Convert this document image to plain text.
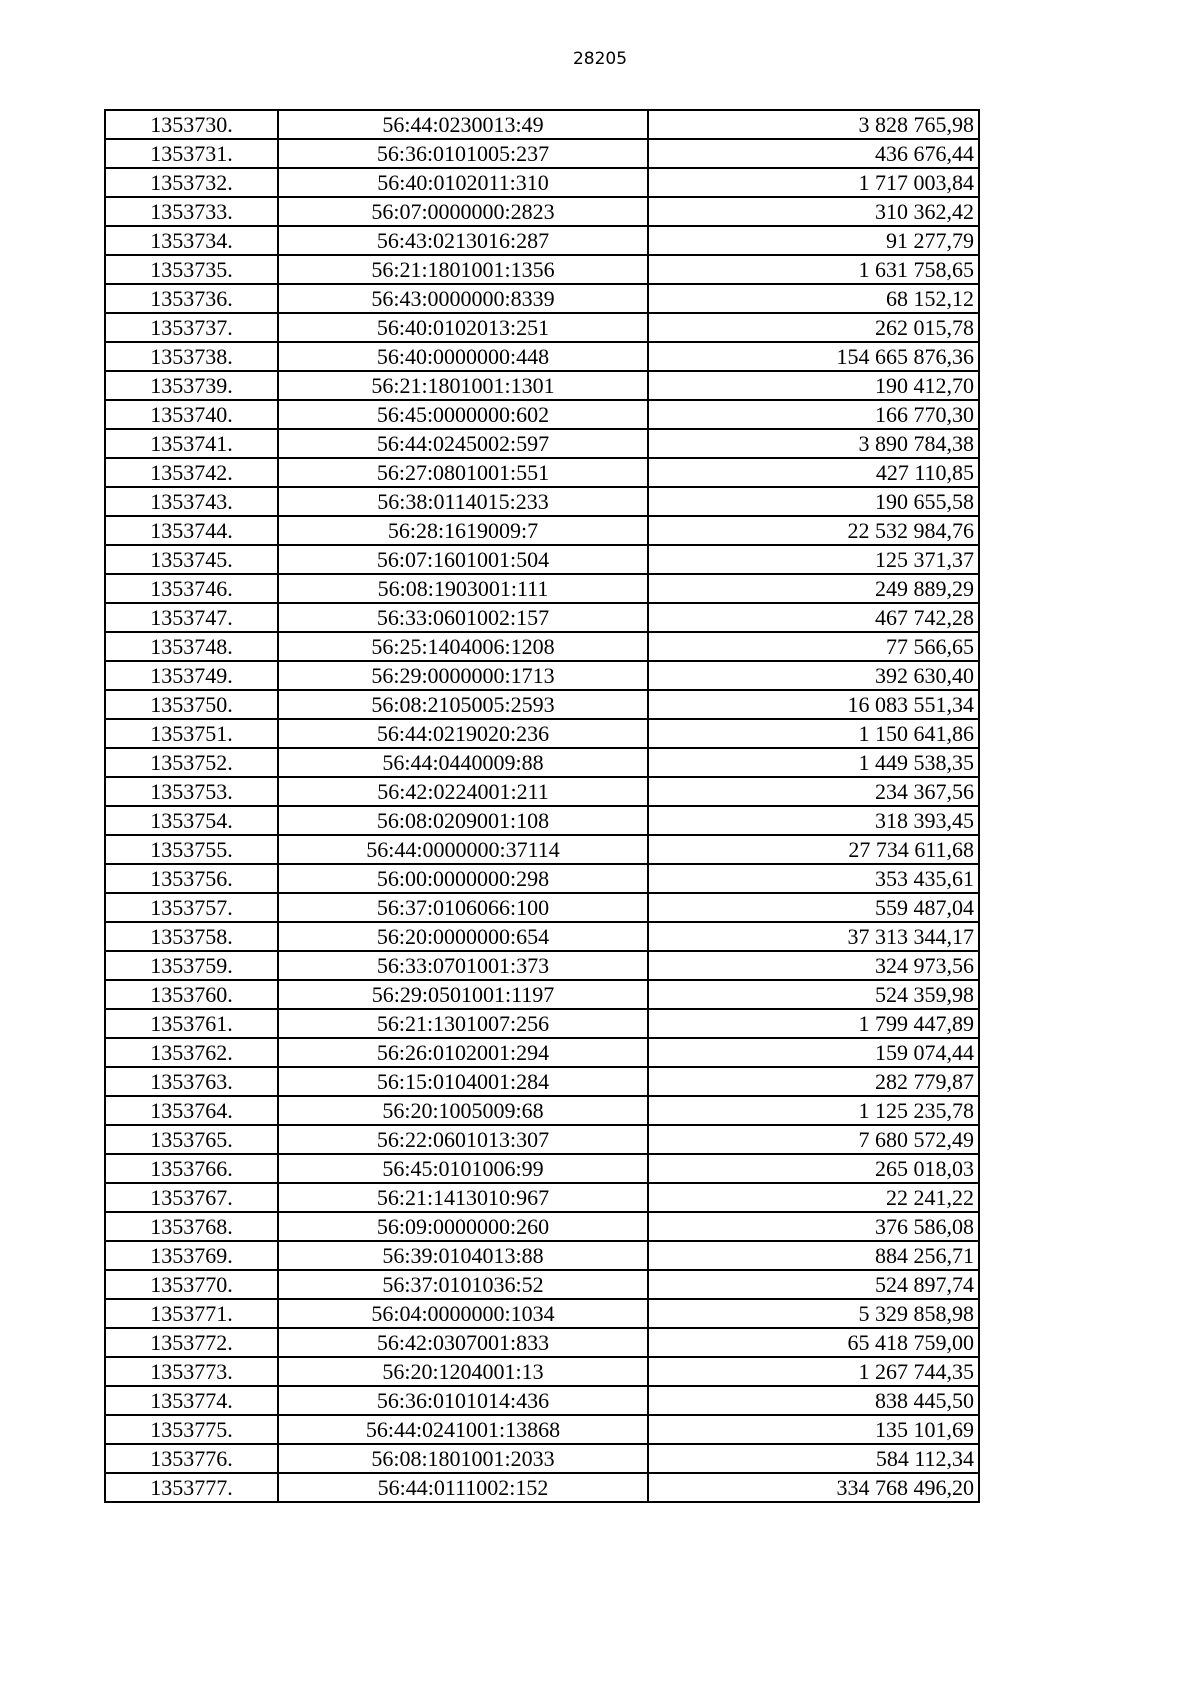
28205
1353730.	56:44:0230013:49	3 828 765,98
1353731.	56:36:0101005:237	436 676,44
1353732.	56:40:0102011:310	1 717 003,84
1353733.	56:07:0000000:2823	310 362,42
1353734.	56:43:0213016:287	91 277,79
1353735.	56:21:1801001:1356	1 631 758,65
1353736.	56:43:0000000:8339	68 152,12
1353737.	56:40:0102013:251	262 015,78
1353738.	56:40:0000000:448	154 665 876,36
1353739.	56:21:1801001:1301	190 412,70
1353740.	56:45:0000000:602	166 770,30
1353741.	56:44:0245002:597	3 890 784,38
1353742.	56:27:0801001:551	427 110,85
1353743.	56:38:0114015:233	190 655,58
1353744.	56:28:1619009:7	22 532 984,76
1353745.	56:07:1601001:504	125 371,37
1353746.	56:08:1903001:111	249 889,29
1353747.	56:33:0601002:157	467 742,28
1353748.	56:25:1404006:1208	77 566,65
1353749.	56:29:0000000:1713	392 630,40
1353750.	56:08:2105005:2593	16 083 551,34
1353751.	56:44:0219020:236	1 150 641,86
1353752.	56:44:0440009:88	1 449 538,35
1353753.	56:42:0224001:211	234 367,56
1353754.	56:08:0209001:108	318 393,45
1353755.	56:44:0000000:37114	27 734 611,68
1353756.	56:00:0000000:298	353 435,61
1353757.	56:37:0106066:100	559 487,04
1353758.	56:20:0000000:654	37 313 344,17
1353759.	56:33:0701001:373	324 973,56
1353760.	56:29:0501001:1197	524 359,98
1353761.	56:21:1301007:256	1 799 447,89
1353762.	56:26:0102001:294	159 074,44
1353763.	56:15:0104001:284	282 779,87
1353764.	56:20:1005009:68	1 125 235,78
1353765.	56:22:0601013:307	7 680 572,49
1353766.	56:45:0101006:99	265 018,03
1353767.	56:21:1413010:967	22 241,22
1353768.	56:09:0000000:260	376 586,08
1353769.	56:39:0104013:88	884 256,71
1353770.	56:37:0101036:52	524 897,74
1353771.	56:04:0000000:1034	5 329 858,98
1353772.	56:42:0307001:833	65 418 759,00
1353773.	56:20:1204001:13	1 267 744,35
1353774.	56:36:0101014:436	838 445,50
1353775.	56:44:0241001:13868	135 101,69
1353776.	56:08:1801001:2033	584 112,34
1353777.	56:44:0111002:152	334 768 496,20
